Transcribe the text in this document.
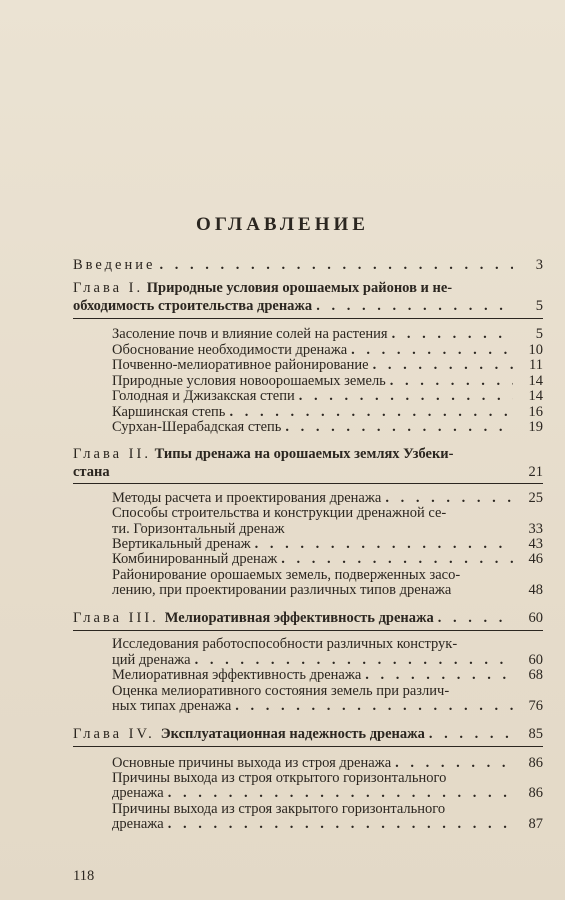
ОГЛАВЛЕНИЕ
Введение . . .	3
Глава I. Природные условия орошаемых районов и не-
обходимость строительства дренажа . . .	5
Засоление почв и влияние солей на растения . . .	5
Обоснование необходимости дренажа . . .	10
Почвенно-мелиоративное районирование . . .	11
Природные условия новоорошаемых земель . . .	14
Голодная и Джизакская степи . . .	14
Каршинская степь . . .	16
Сурхан-Шерабадская степь . . .	19
Глава II. Типы дренажа на орошаемых землях Узбеки-
стана	21
Методы расчета и проектирования дренажа . . .	25
Способы строительства и конструкции дренажной се-
ти. Горизонтальный дренаж	33
Вертикальный дренаж . . .	43
Комбинированный дренаж . . .	46
Районирование орошаемых земель, подверженных засо-
лению, при проектировании различных типов дренажа	48
Глава III. Мелиоративная эффективность дренажа . . .	60
Исследования работоспособности различных конструк-
ций дренажа . . .	60
Мелиоративная эффективность дренажа . . .	68
Оценка мелиоративного состояния земель при различ-
ных типах дренажа . . .	76
Глава IV. Эксплуатационная надежность дренажа . . .	85
Основные причины выхода из строя дренажа . . .	86
Причины выхода из строя открытого горизонтального
дренажа . . .	86
Причины выхода из строя закрытого горизонтального
дренажа . . .	87
118
